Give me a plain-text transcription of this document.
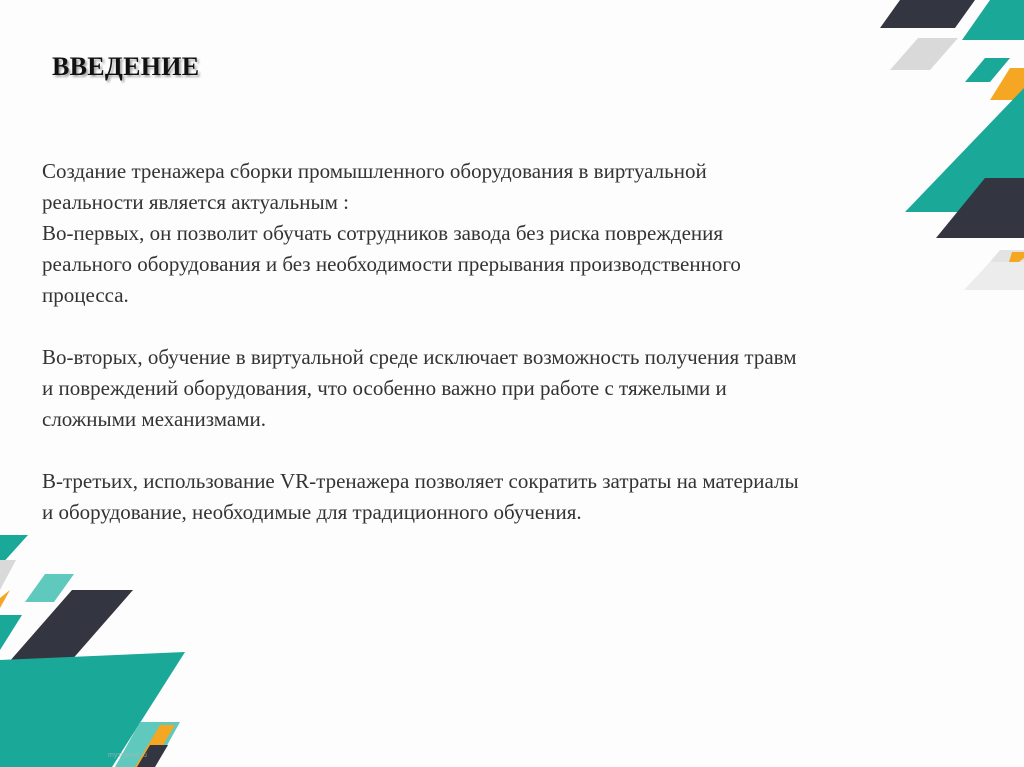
ВВЕДЕНИЕ

Создание тренажера сборки промышленного оборудования в виртуальной
реальности является актуальным :
Во-первых, он позволит обучать сотрудников завода без риска повреждения
реального оборудования и без необходимости прерывания производственного
процесса.

Во-вторых, обучение в виртуальной среде исключает возможность получения травм
и повреждений оборудования, что особенно важно при работе с тяжелыми и
сложными механизмами.

В-третьих, использование VR-тренажера позволяет сократить затраты на материалы
и оборудование, необходимые для традиционного обучения.

myshared.ru
